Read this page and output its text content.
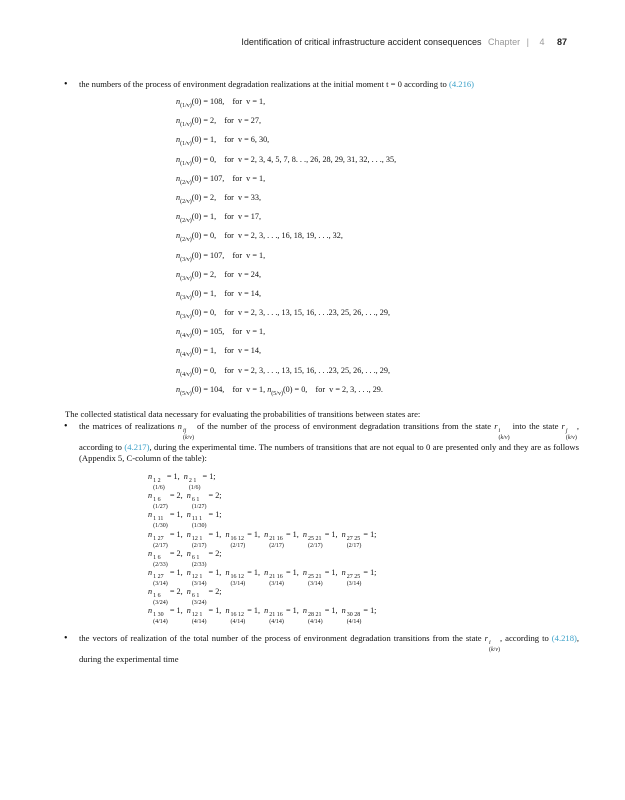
Identification of critical infrastructure accident consequences Chapter | 4 87
• the numbers of the process of environment degradation realizations at the initial moment t = 0 according to (4.216)
$n_{(1/v)}(0) = 108$, for v = 1,
$n_{(1/v)}(0) = 2$, for v = 27,
$n_{(1/v)}(0) = 1$, for v = 6, 30,
$n_{(1/v)}(0) = 0$, for v = 2, 3, 4, 5, 7, 8. . ., 26, 28, 29, 31, 32, . . ., 35,
$n_{(2/v)}(0) = 107$, for v = 1,
$n_{(2/v)}(0) = 2$, for v = 33,
$n_{(2/v)}(0) = 1$, for v = 17,
$n_{(2/v)}(0) = 0$, for v = 2, 3, . . ., 16, 18, 19, . . ., 32,
$n_{(3/v)}(0) = 107$, for v = 1,
$n_{(3/v)}(0) = 2$, for v = 24,
$n_{(3/v)}(0) = 1$, for v = 14,
$n_{(3/v)}(0) = 0$, for v = 2, 3, . . ., 13, 15, 16, . . .23, 25, 26, . . ., 29,
$n_{(4/v)}(0) = 105$, for v = 1,
$n_{(4/v)}(0) = 1$, for v = 14,
$n_{(4/v)}(0) = 0$, for v = 2, 3, . . ., 13, 15, 16, . . .23, 25, 26, . . ., 29,
$n_{(5/v)}(0) = 104$, for v = 1, $n_{(5/v)}(0) = 0$, for v = 2, 3, . . ., 29.
The collected statistical data necessary for evaluating the probabilities of transitions between states are:
• the matrices of realizations n ij
(k/v)
of the number of the process of environment degradation transitions from the state r i
(k/v)
into the state r j
(k/v)
, according to (4.217), during the experimental time. The numbers of transitions that are not equal to 0 are presented only and they are as follows (Appendix 5, C-column of the table):
n 1 2
(1/6)
= 1, n 2 1
(1/6)
= 1;
n 1 6
(1/27)
= 2, n 6 1
(1/27)
= 2;
n 1 11
(1/30)
= 1, n 11 1
(1/30)
= 1;
n 1 27
(2/17)
= 1, n 12 1
(2/17)
= 1, n 16 12
(2/17)
= 1, n 21 16
(2/17)
= 1, n 25 21
(2/17)
= 1, n 27 25
(2/17)
= 1;
n 1 6
(2/33)
= 2, n 6 1
(2/33)
= 2;
n 1 27
(3/14)
= 1, n 12 1
(3/14)
= 1, n 16 12
(3/14)
= 1, n 21 16
(3/14)
= 1, n 25 21
(3/14)
= 1, n 27 25
(3/14)
= 1;
n 1 6
(3/24)
= 2, n 6 1
(3/24)
= 2;
n 1 30
(4/14)
= 1, n 12 1
(4/14)
= 1, n 16 12
(4/14)
= 1, n 21 16
(4/14)
= 1, n 28 21
(4/14)
= 1, n 30 28
(4/14)
= 1;
• the vectors of realization of the total number of the process of environment degradation transitions from the state r i
(k/v)
, according to (4.218), during the experimental time
